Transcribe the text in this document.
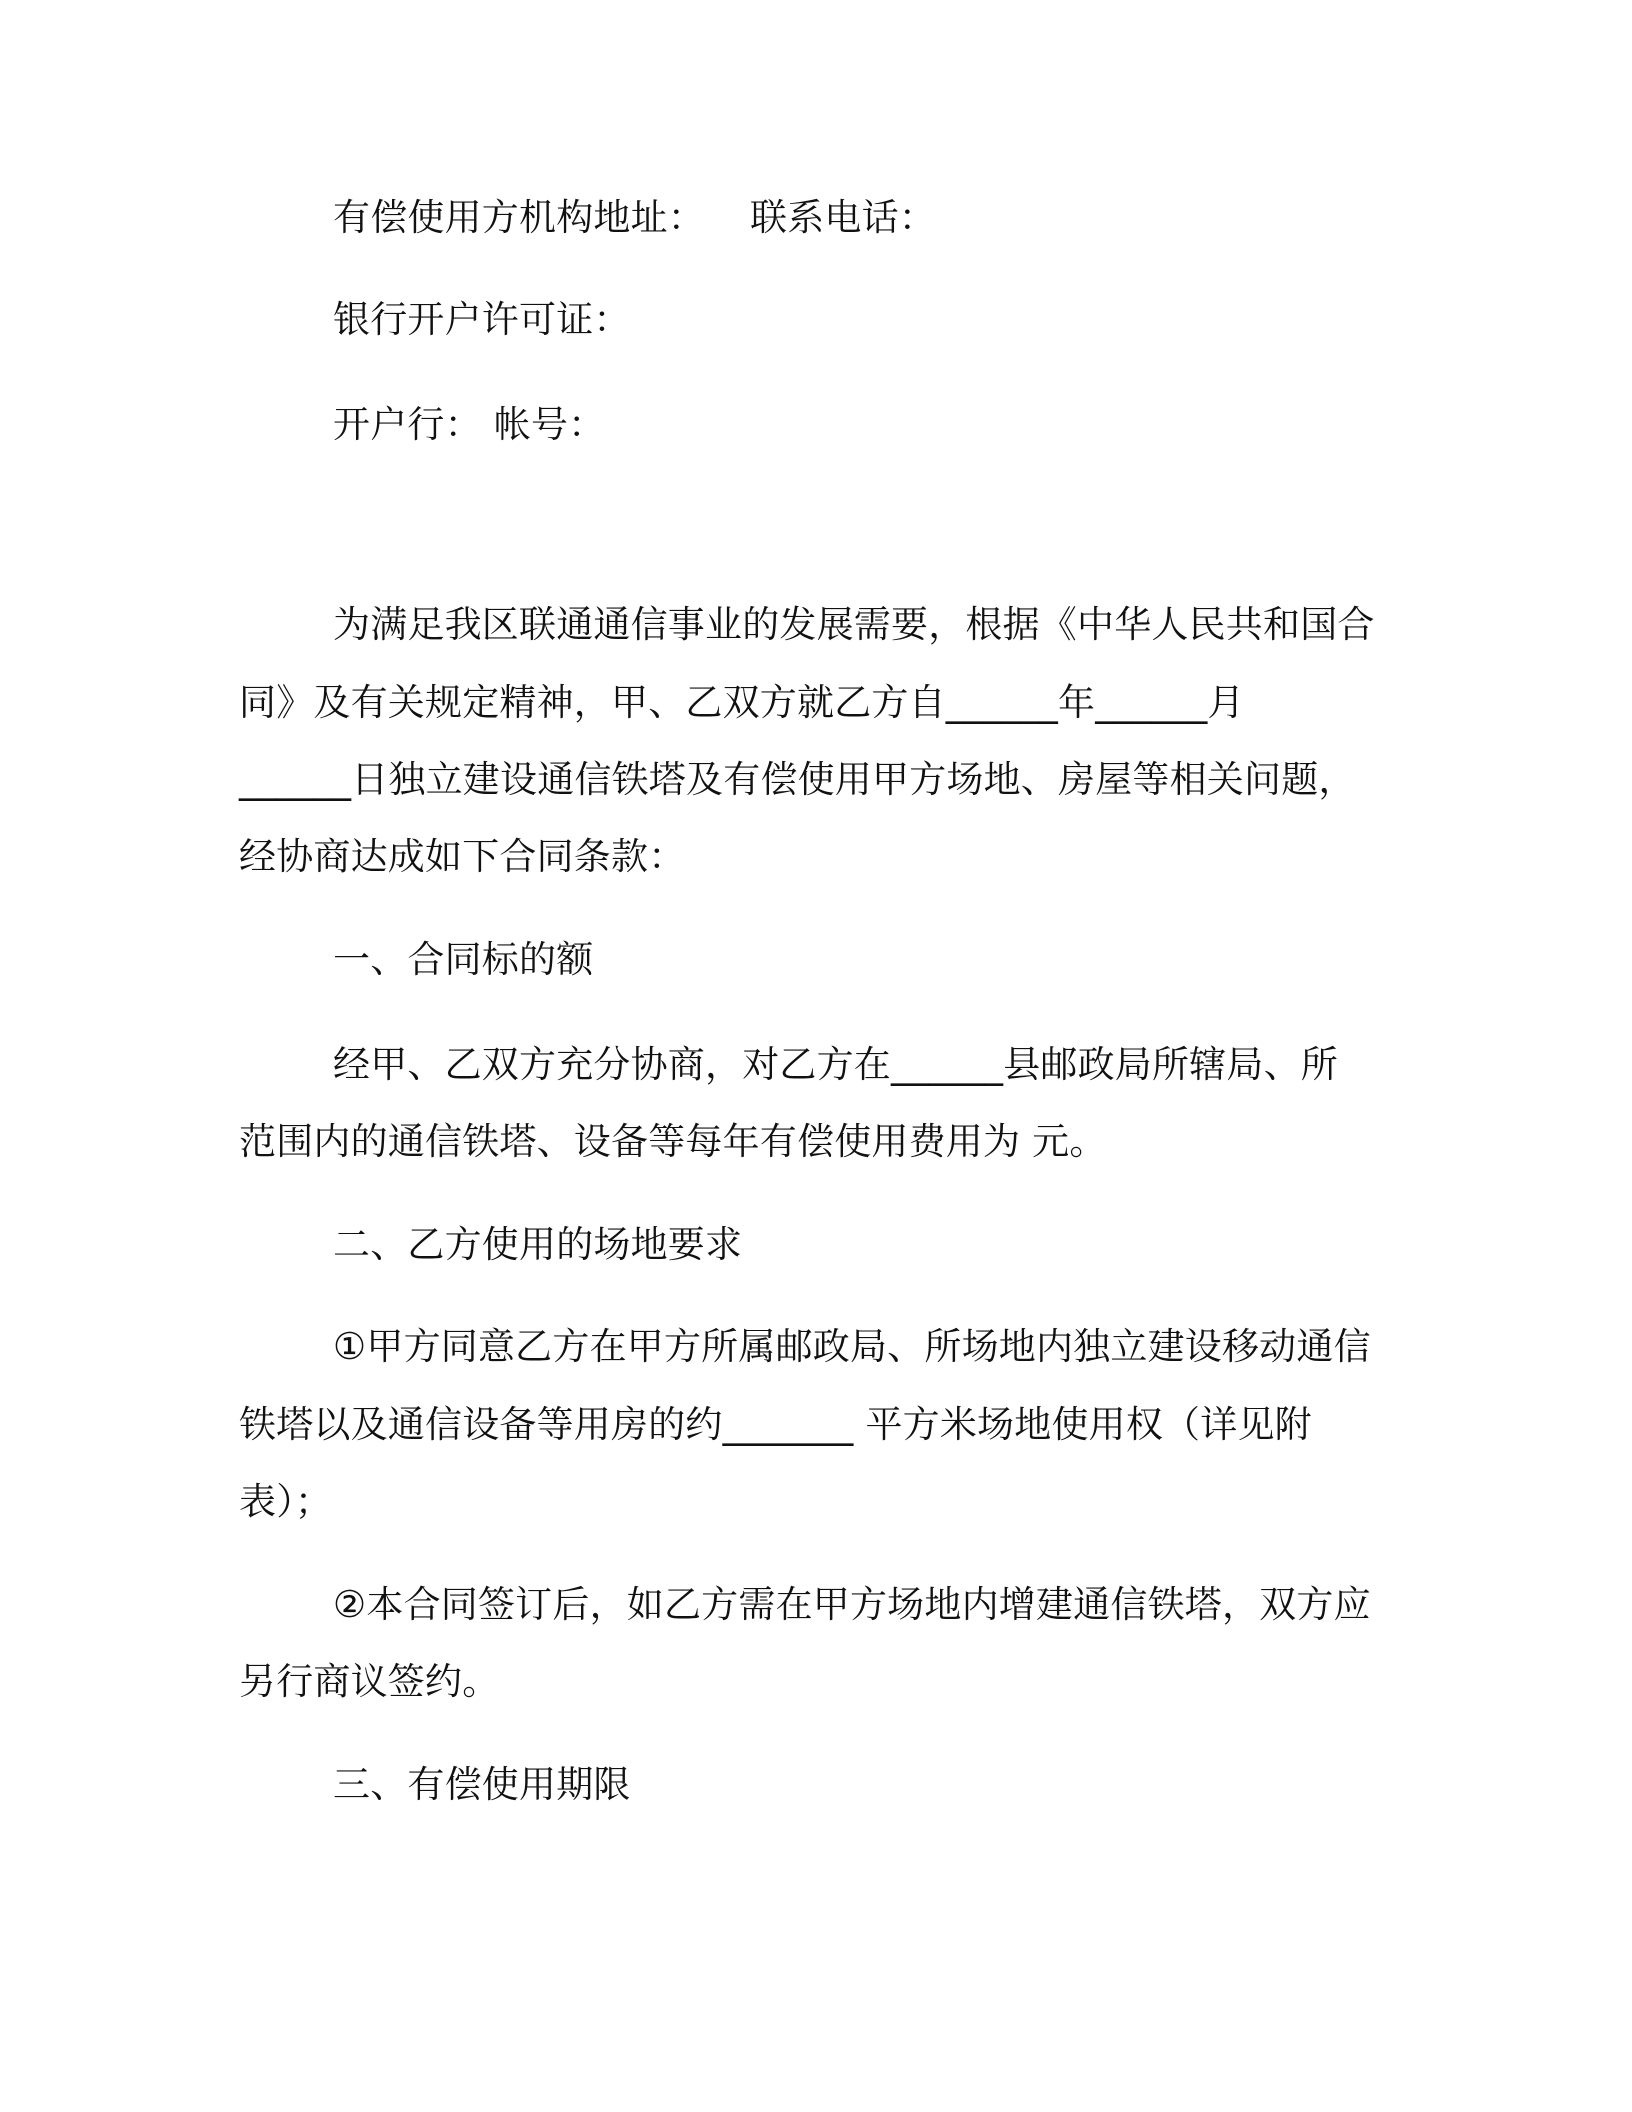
有偿使用方机构地址： 联系电话：
银行开户许可证：
开户行： 帐号：
为满足我区联通通信事业的发展需要，根据《中华人民共和国合
同》及有关规定精神，甲、乙双方就乙方自______年______月
______日独立建设通信铁塔及有偿使用甲方场地、房屋等相关问题，
经协商达成如下合同条款：
一、合同标的额
经甲、乙双方充分协商，对乙方在______县邮政局所辖局、所
范围内的通信铁塔、设备等每年有偿使用费用为 元。
二、乙方使用的场地要求
①甲方同意乙方在甲方所属邮政局、所场地内独立建设移动通信
铁塔以及通信设备等用房的约_______ 平方米场地使用权（详见附
表）；
②本合同签订后，如乙方需在甲方场地内增建通信铁塔，双方应
另行商议签约。
三、有偿使用期限
